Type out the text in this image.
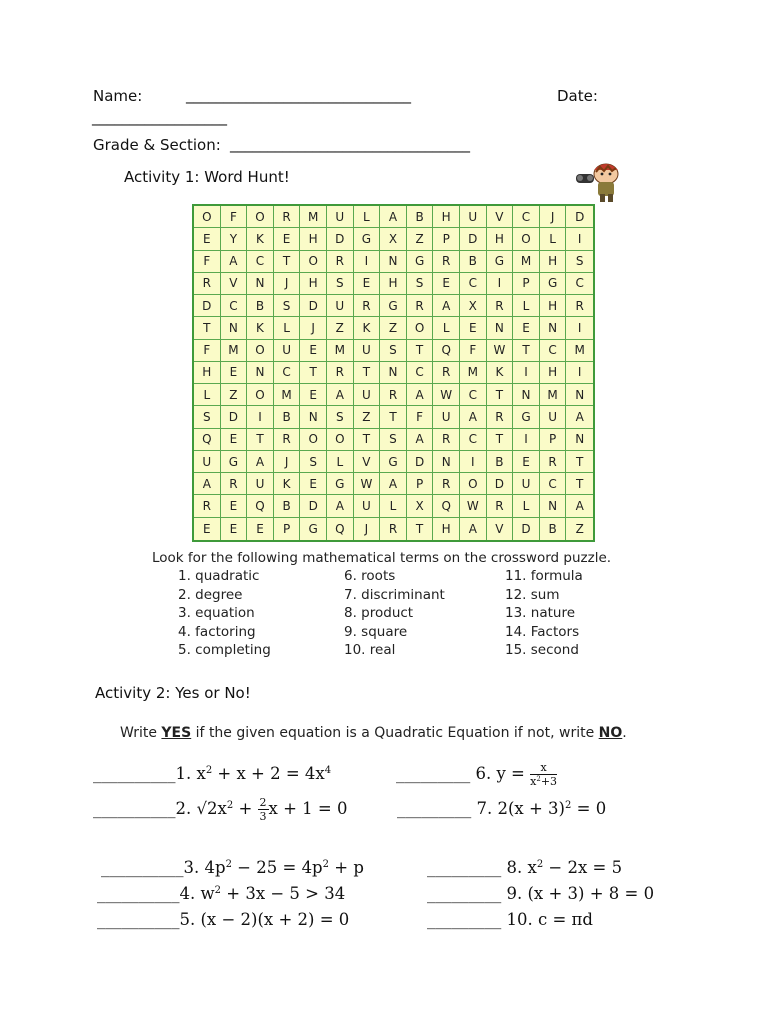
Name:	______________________________	Date:
__________________
Grade & Section: ________________________________
Activity 1: Word Hunt!
O	F	O	R	M	U	L	A	B	H	U	V	C	J	D
E	Y	K	E	H	D	G	X	Z	P	D	H	O	L	I
F	A	C	T	O	R	I	N	G	R	B	G	M	H	S
R	V	N	J	H	S	E	H	S	E	C	I	P	G	C
D	C	B	S	D	U	R	G	R	A	X	R	L	H	R
T	N	K	L	J	Z	K	Z	O	L	E	N	E	N	I
F	M	O	U	E	M	U	S	T	Q	F	W	T	C	M
H	E	N	C	T	R	T	N	C	R	M	K	I	H	I
L	Z	O	M	E	A	U	R	A	W	C	T	N	M	N
S	D	I	B	N	S	Z	T	F	U	A	R	G	U	A
Q	E	T	R	O	O	T	S	A	R	C	T	I	P	N
U	G	A	J	S	L	V	G	D	N	I	B	E	R	T
A	R	U	K	E	G	W	A	P	R	O	D	U	C	T
R	E	Q	B	D	A	U	L	X	Q	W	R	L	N	A
E	E	E	P	G	Q	J	R	T	H	A	V	D	B	Z
Look for the following mathematical terms on the crossword puzzle.
1. quadratic
2. degree
3. equation
4. factoring
5. completing
6. roots
7. discriminant
8. product
9. square
10. real
11. formula
12. sum
13. nature
14. Factors
15. second
Activity 2: Yes or No!
Write YES if the given equation is a Quadratic Equation if not, write NO.
__________1. $x^2 + x + 2 = 4x^4$	_________ 6. $y = \frac{x}{x^2+3}$
__________2. $√2x^2 + \frac{2}{3}$ x + 1 = 0	_________ 7. $2(x + 3)^2 = 0$
__________3. $4p^2 - 25 = 4p^2 + p$	_________ 8. $x^2 - 2x = 5$
__________4. $w^2 + 3x - 5 > 34$	_________ 9. (x + 3) + 8 = 0
__________5. (x − 2)(x + 2) = 0	_________ 10. c = πd
